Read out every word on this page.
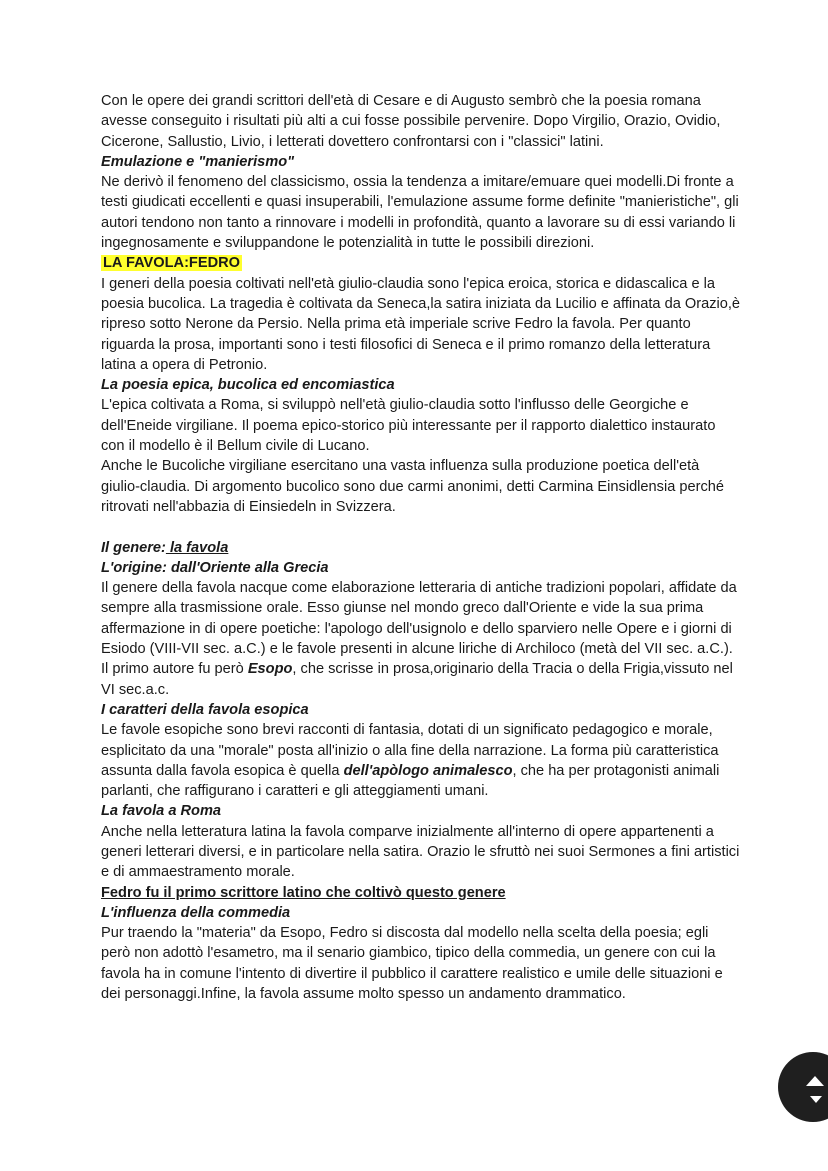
Con le opere dei grandi scrittori dell'età di Cesare e di Augusto sembrò che la poesia romana avesse conseguito i risultati più alti a cui fosse possibile pervenire. Dopo Virgilio, Orazio, Ovidio, Cicerone, Sallustio, Livio, i letterati dovettero confrontarsi con i "classici" latini.

Emulazione e "manierismo"

Ne derivò il fenomeno del classicismo, ossia la tendenza a imitare/emuare quei modelli.Di fronte a testi giudicati eccellenti e quasi insuperabili, l'emulazione assume forme definite "manieristiche", gli autori tendono non tanto a rinnovare i modelli in profondità, quanto a lavorare su di essi variando li ingegnosamente e sviluppandone le potenzialità in tutte le possibili direzioni.

LA FAVOLA:FEDRO

I generi della poesia coltivati nell'età giulio-claudia sono l'epica eroica, storica e didascalica e la poesia bucolica. La tragedia è coltivata da Seneca,la satira iniziata da Lucilio e affinata da Orazio,è ripreso sotto Nerone da Persio. Nella prima età imperiale scrive Fedro la favola. Per quanto riguarda la prosa, importanti sono i testi filosofici di Seneca e il primo romanzo della letteratura latina a opera di Petronio.

La poesia epica, bucolica ed encomiastica

L'epica coltivata a Roma, si sviluppò nell'età giulio-claudia sotto l'influsso delle Georgiche e dell'Eneide virgiliane. Il poema epico-storico più interessante per il rapporto dialettico instaurato con il modello è il Bellum civile di Lucano.

Anche le Bucoliche virgiliane esercitano una vasta influenza sulla produzione poetica dell'età giulio-claudia. Di argomento bucolico sono due carmi anonimi, detti Carmina Einsidlensia perché ritrovati nell'abbazia di Einsiedeln in Svizzera.

Il genere: la favola

L'origine: dall'Oriente alla Grecia

Il genere della favola nacque come elaborazione letteraria di antiche tradizioni popolari, affidate da sempre alla trasmissione orale. Esso giunse nel mondo greco dall'Oriente e vide la sua prima affermazione in di opere poetiche: l'apologo dell'usignolo e dello sparviero nelle Opere e i giorni di Esiodo (VIII-VII sec. a.C.) e le favole presenti in alcune liriche di Archiloco (metà del VII sec. a.C.). Il primo autore fu però Esopo, che scrisse in prosa,originario della Tracia o della Frigia,vissuto nel VI sec.a.c.

I caratteri della favola esopica

Le favole esopiche sono brevi racconti di fantasia, dotati di un significato pedagogico e morale, esplicitato da una "morale" posta all'inizio o alla fine della narrazione. La forma più caratteristica assunta dalla favola esopica è quella dell'apòlogo animalesco, che ha per protagonisti animali parlanti, che raffigurano i caratteri e gli atteggiamenti umani.

La favola a Roma

Anche nella letteratura latina la favola comparve inizialmente all'interno di opere appartenenti a generi letterari diversi, e in particolare nella satira. Orazio le sfruttò nei suoi Sermones a fini artistici e di ammaestramento morale.

Fedro fu il primo scrittore latino che coltivò questo genere

L'influenza della commedia

Pur traendo la "materia" da Esopo, Fedro si discosta dal modello nella scelta della poesia; egli però non adottò l'esametro, ma il senario giambico, tipico della commedia, un genere con cui la favola ha in comune l'intento di divertire il pubblico il carattere realistico e umile delle situazioni e dei personaggi.Infine, la favola assume molto spesso un andamento drammatico.
